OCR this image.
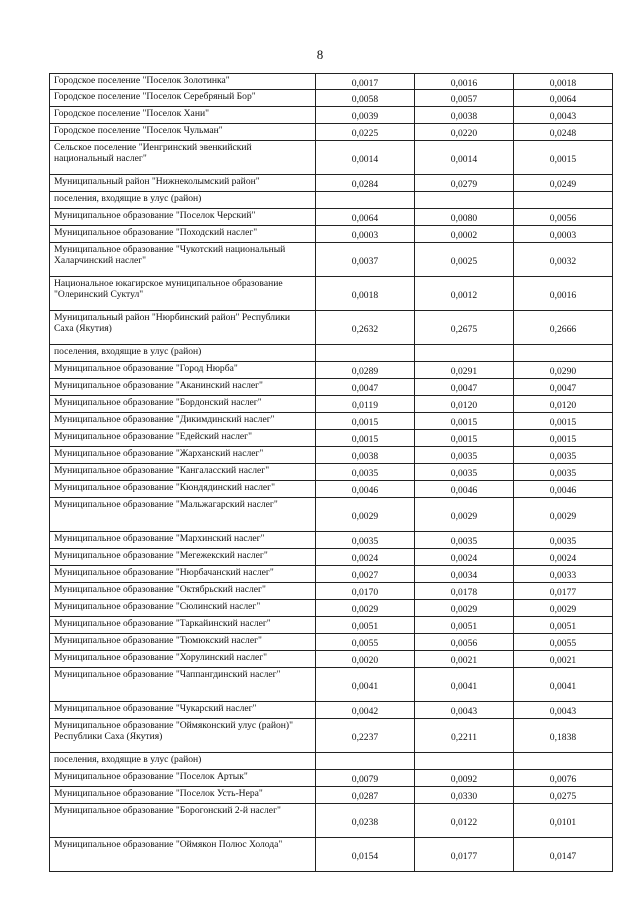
8
Городское поселение "Поселок Золотинка"	0,0017	0,0016	0,0018
Городское поселение "Поселок Серебряный Бор"	0,0058	0,0057	0,0064
Городское поселение "Поселок Хани"	0,0039	0,0038	0,0043
Городское поселение "Поселок Чульман"	0,0225	0,0220	0,0248
Сельское поселение "Иенгринский эвенкийский национальный наслег"	0,0014	0,0014	0,0015
Муниципальный район "Нижнеколымский район"	0,0284	0,0279	0,0249
поселения, входящие в улус (район)			
Муниципальное образование "Поселок Черский"	0,0064	0,0080	0,0056
Муниципальное образование "Походский наслег"	0,0003	0,0002	0,0003
Муниципальное образование "Чукотский национальный Халарчинский наслег"	0,0037	0,0025	0,0032
Национальное юкагирское муниципальное образование "Олеринский Суктул"	0,0018	0,0012	0,0016
Муниципальный район "Нюрбинский район" Республики Саха (Якутия)	0,2632	0,2675	0,2666
поселения, входящие в улус (район)			
Муниципальное образование "Город Нюрба"	0,0289	0,0291	0,0290
Муниципальное образование "Аканинский наслег"	0,0047	0,0047	0,0047
Муниципальное образование "Бордонский наслег"	0,0119	0,0120	0,0120
Муниципальное образование "Дикимдинский наслег"	0,0015	0,0015	0,0015
Муниципальное образование "Едейский наслег"	0,0015	0,0015	0,0015
Муниципальное образование "Жарханский наслег"	0,0038	0,0035	0,0035
Муниципальное образование "Кангаласский наслег"	0,0035	0,0035	0,0035
Муниципальное образование "Кюндядинский наслег"	0,0046	0,0046	0,0046
Муниципальное образование "Мальжагарский наслег"	0,0029	0,0029	0,0029
Муниципальное образование "Мархинский наслег"	0,0035	0,0035	0,0035
Муниципальное образование "Мегежекский наслег"	0,0024	0,0024	0,0024
Муниципальное образование "Нюрбачанский наслег"	0,0027	0,0034	0,0033
Муниципальное образование "Октябрьский наслег"	0,0170	0,0178	0,0177
Муниципальное образование "Сюлинский наслег"	0,0029	0,0029	0,0029
Муниципальное образование "Таркайинский наслег"	0,0051	0,0051	0,0051
Муниципальное образование "Тюмюкский наслег"	0,0055	0,0056	0,0055
Муниципальное образование "Хорулинский наслег"	0,0020	0,0021	0,0021
Муниципальное образование "Чаппангдинский наслег"	0,0041	0,0041	0,0041
Муниципальное образование "Чукарский наслег"	0,0042	0,0043	0,0043
Муниципальное образование "Оймяконский улус (район)" Республики Саха (Якутия)	0,2237	0,2211	0,1838
поселения, входящие в улус (район)			
Муниципальное образование "Поселок Артык"	0,0079	0,0092	0,0076
Муниципальное образование "Поселок Усть-Нера"	0,0287	0,0330	0,0275
Муниципальное образование "Борогонский 2-й наслег"	0,0238	0,0122	0,0101
Муниципальное образование "Оймякон Полюс Холода"	0,0154	0,0177	0,0147
